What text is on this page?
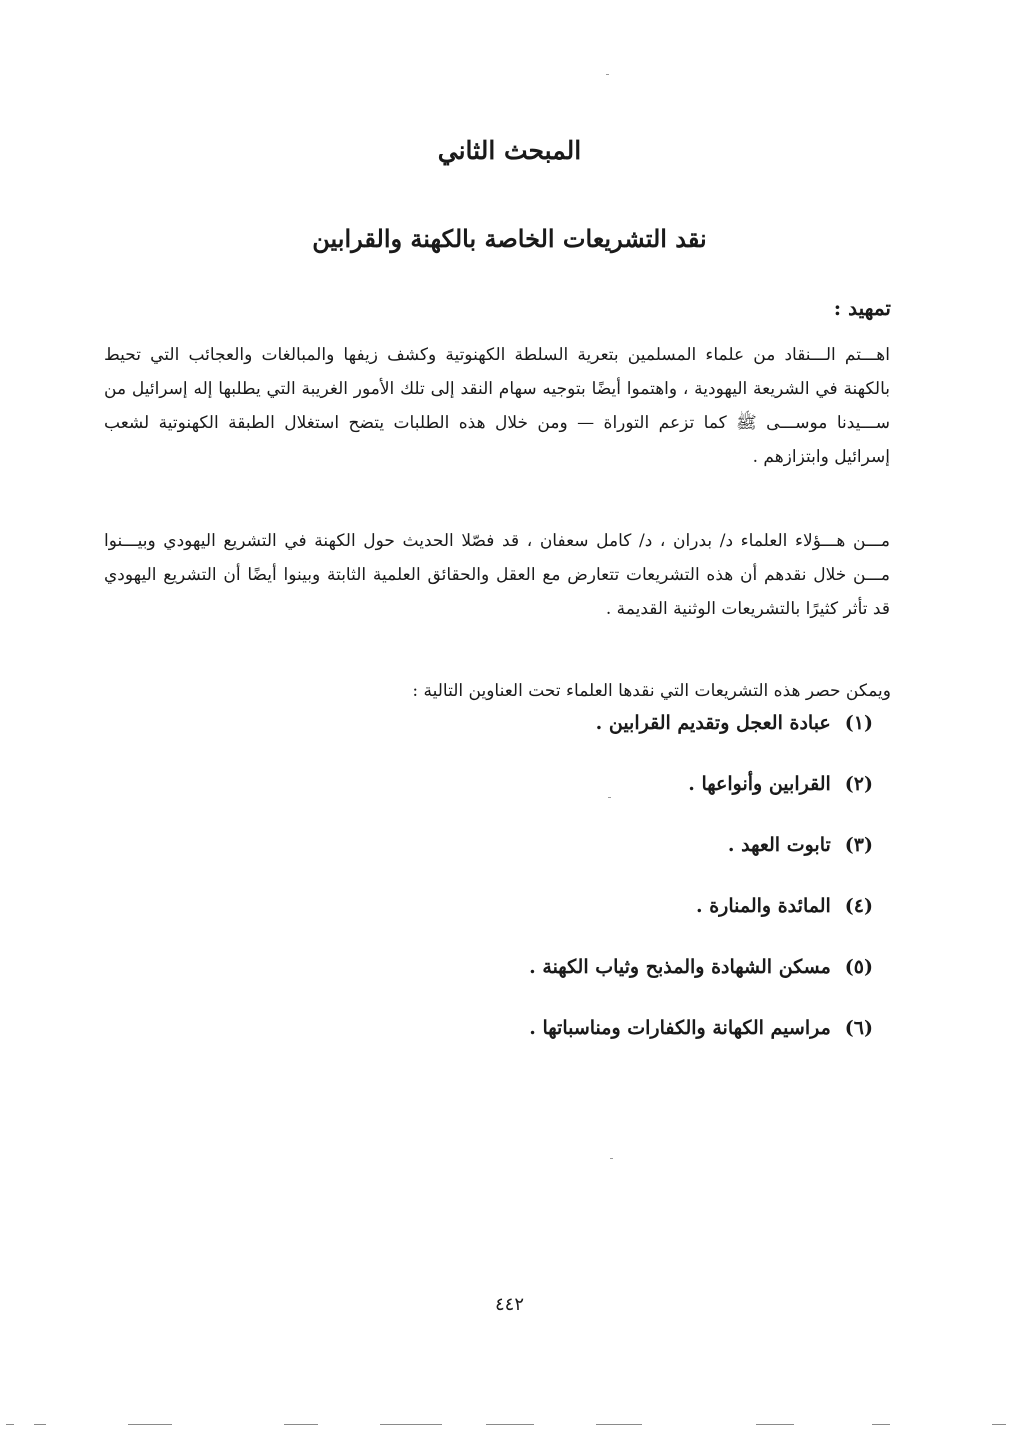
المبحث الثاني
نقد التشريعات الخاصة بالكهنة والقرابين
تمهيد :

اهـــتم الـــنقاد من علماء المسلمين بتعرية السلطة الكهنوتية وكشف زيفها والمبالغات والعجائب التي تحيط بالكهنة في الشريعة اليهودية ، واهتموا أيضًا بتوجيه سهام النقد إلى تلك الأمور الغريبة التي يطلبها إله إسرائيل من ســـيدنا موســـى ﷺ كما تزعم التوراة — ومن خلال هذه الطلبات يتضح استغلال الطبقة الكهنوتية لشعب إسرائيل وابتزازهم .

مـــن هـــؤلاء العلماء د/ بدران ، د/ كامل سعفان ، قد فصّلا الحديث حول الكهنة في التشريع اليهودي وبيـــنوا مـــن خلال نقدهم أن هذه التشريعات تتعارض مع العقل والحقائق العلمية الثابتة وبينوا أيضًا أن التشريع اليهودي قد تأثر كثيرًا بالتشريعات الوثنية القديمة .

ويمكن حصر هذه التشريعات التي نقدها العلماء تحت العناوين التالية :

(١)عبادة العجل وتقديم القرابين .
(٢)القرابين وأنواعها .
(٣)تابوت العهد .
(٤)المائدة والمنارة .
(٥)مسكن الشهادة والمذبح وثياب الكهنة .
(٦)مراسيم الكهانة والكفارات ومناسباتها .
٤٤٢
